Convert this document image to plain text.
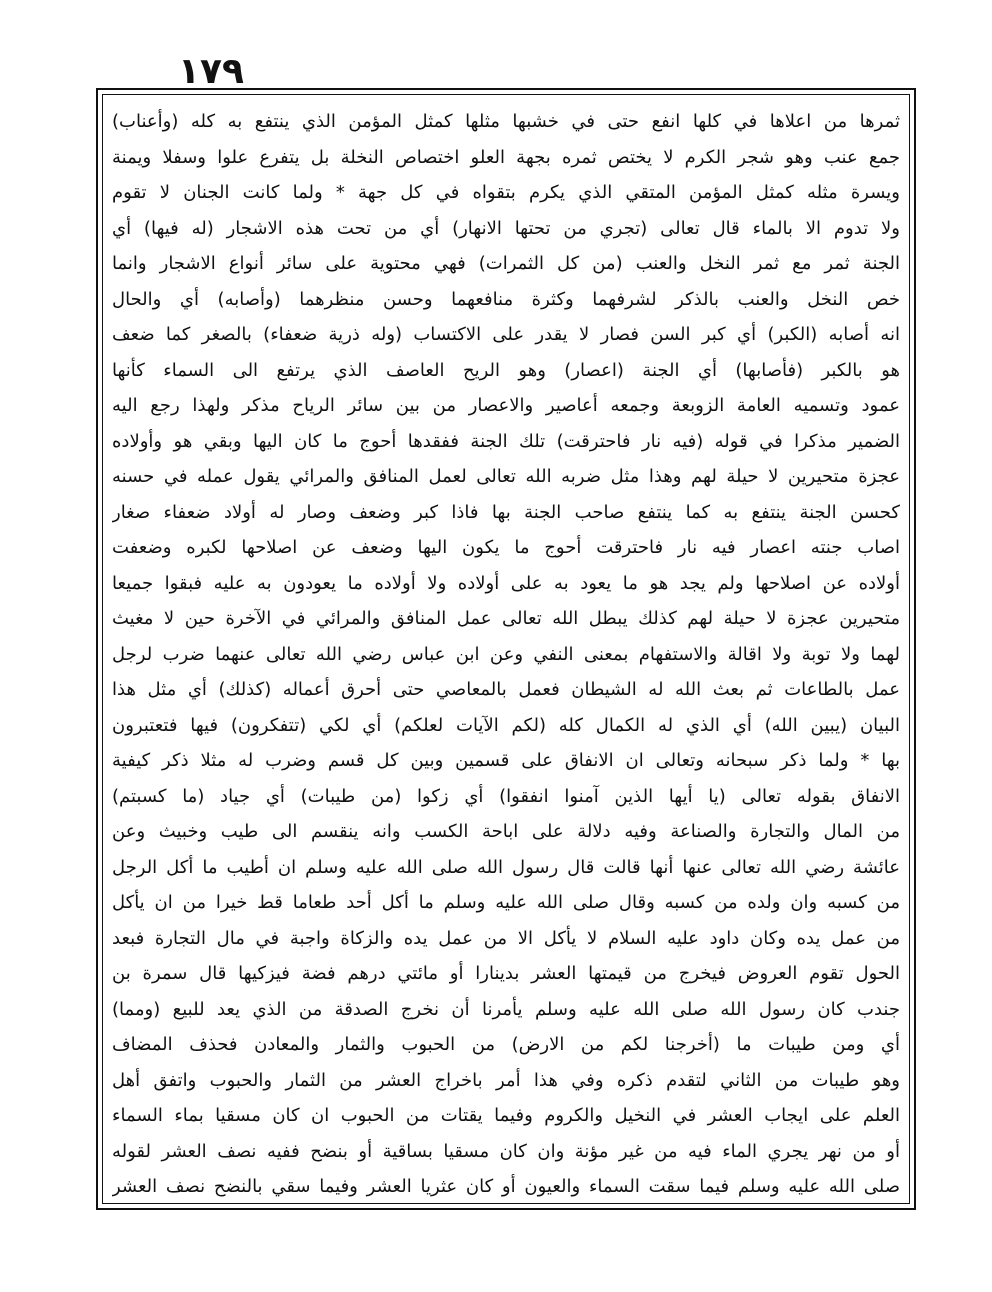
١٧٩
ثمرها من اعلاها في كلها انفع حتى في خشبها مثلها كمثل المؤمن الذي ينتفع به كله (وأعناب)
جمع عنب وهو شجر الكرم لا يختص ثمره بجهة العلو اختصاص النخلة بل يتفرع علوا وسفلا ويمنة
ويسرة مثله كمثل المؤمن المتقي الذي يكرم بتقواه في كل جهة * ولما كانت الجنان لا تقوم
ولا تدوم الا بالماء قال تعالى (تجري من تحتها الانهار) أي من تحت هذه الاشجار (له فيها) أي
الجنة ثمر مع ثمر النخل والعنب (من كل الثمرات) فهي محتوية على سائر أنواع الاشجار وانما
خص النخل والعنب بالذكر لشرفهما وكثرة منافعهما وحسن منظرهما (وأصابه) أي والحال
انه أصابه (الكبر) أي كبر السن فصار لا يقدر على الاكتساب (وله ذرية ضعفاء) بالصغر كما ضعف
هو بالكبر (فأصابها) أي الجنة (اعصار) وهو الريح العاصف الذي يرتفع الى السماء كأنها
عمود وتسميه العامة الزوبعة وجمعه أعاصير والاعصار من بين سائر الرياح مذكر ولهذا رجع اليه
الضمير مذكرا في قوله (فيه نار فاحترقت) تلك الجنة ففقدها أحوج ما كان اليها وبقي هو وأولاده
عجزة متحيرين لا حيلة لهم وهذا مثل ضربه الله تعالى لعمل المنافق والمرائي يقول عمله في حسنه
كحسن الجنة ينتفع به كما ينتفع صاحب الجنة بها فاذا كبر وضعف وصار له أولاد ضعفاء صغار
اصاب جنته اعصار فيه نار فاحترقت أحوج ما يكون اليها وضعف عن اصلاحها لكبره وضعفت
أولاده عن اصلاحها ولم يجد هو ما يعود به على أولاده ولا أولاده ما يعودون به عليه فبقوا جميعا
متحيرين عجزة لا حيلة لهم كذلك يبطل الله تعالى عمل المنافق والمرائي في الآخرة حين لا مغيث
لهما ولا توبة ولا اقالة والاستفهام بمعنى النفي وعن ابن عباس رضي الله تعالى عنهما ضرب لرجل
عمل بالطاعات ثم بعث الله له الشيطان فعمل بالمعاصي حتى أحرق أعماله (كذلك) أي مثل هذا
البيان (يبين الله) أي الذي له الكمال كله (لكم الآيات لعلكم) أي لكي (تتفكرون) فيها فتعتبرون
بها * ولما ذكر سبحانه وتعالى ان الانفاق على قسمين وبين كل قسم وضرب له مثلا ذكر كيفية
الانفاق بقوله تعالى (يا أيها الذين آمنوا انفقوا) أي زكوا (من طيبات) أي جياد (ما كسبتم)
من المال والتجارة والصناعة وفيه دلالة على اباحة الكسب وانه ينقسم الى طيب وخبيث وعن
عائشة رضي الله تعالى عنها أنها قالت قال رسول الله صلى الله عليه وسلم ان أطيب ما أكل الرجل
من كسبه وان ولده من كسبه وقال صلى الله عليه وسلم ما أكل أحد طعاما قط خيرا من ان يأكل
من عمل يده وكان داود عليه السلام لا يأكل الا من عمل يده والزكاة واجبة في مال التجارة فبعد
الحول تقوم العروض فيخرج من قيمتها العشر بدينارا أو مائتي درهم فضة فيزكيها قال سمرة بن
جندب كان رسول الله صلى الله عليه وسلم يأمرنا أن نخرج الصدقة من الذي يعد للبيع (ومما)
أي ومن طيبات ما (أخرجنا لكم من الارض) من الحبوب والثمار والمعادن فحذف المضاف
وهو طيبات من الثاني لتقدم ذكره وفي هذا أمر باخراج العشر من الثمار والحبوب واتفق أهل
العلم على ايجاب العشر في النخيل والكروم وفيما يقتات من الحبوب ان كان مسقيا بماء السماء
أو من نهر يجري الماء فيه من غير مؤنة وان كان مسقيا بساقية أو بنضح ففيه نصف العشر لقوله
صلى الله عليه وسلم فيما سقت السماء والعيون أو كان عثريا العشر وفيما سقي بالنضح نصف العشر
